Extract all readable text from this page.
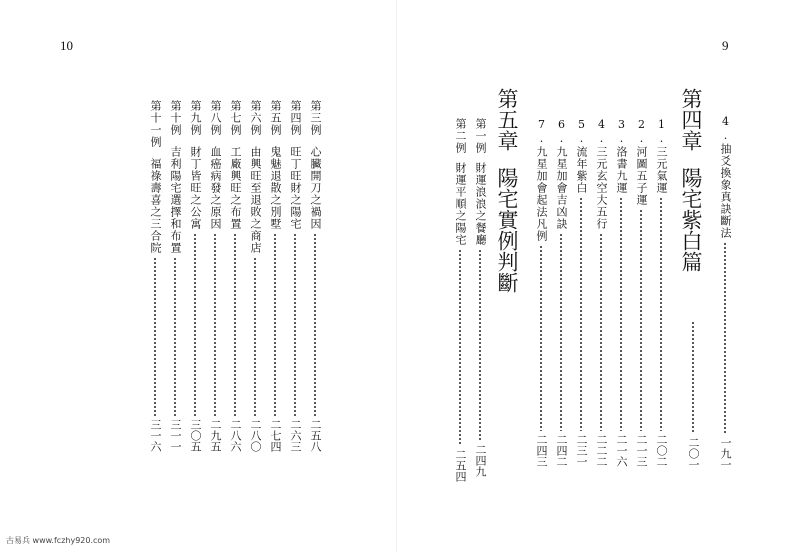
10	9
4.抽爻換象真訣斷法
一九一
第四章陽宅紫白篇
二〇一
1.三元氣運
二〇二
2.河圖五子運
二一三
3.洛書九運
二一六
4.三元玄空大五行
二二二
5.流年紫白
二三一
6.九星加會吉凶訣
二四二
7.九星加會起法凡例
二四三
第五章陽宅實例判斷
第一例
財運浪浪之餐廳
二四九
第二例
財運平順之陽宅
二五四
第三例
心臟開刀之禍因
二五八
第四例
旺丁旺財之陽宅
二六三
第五例
鬼魅退散之別墅
二七四
第六例
由興旺至退敗之商店
二八〇
第七例
工廠興旺之布置
二八六
第八例
血癌病發之原因
二九五
第九例
財丁皆旺之公寓
三〇五
第十例
吉利陽宅選擇和布置
三一一
第十一例
福祿壽喜之三合院
三一六
古易兵 www.fczhy920.com
